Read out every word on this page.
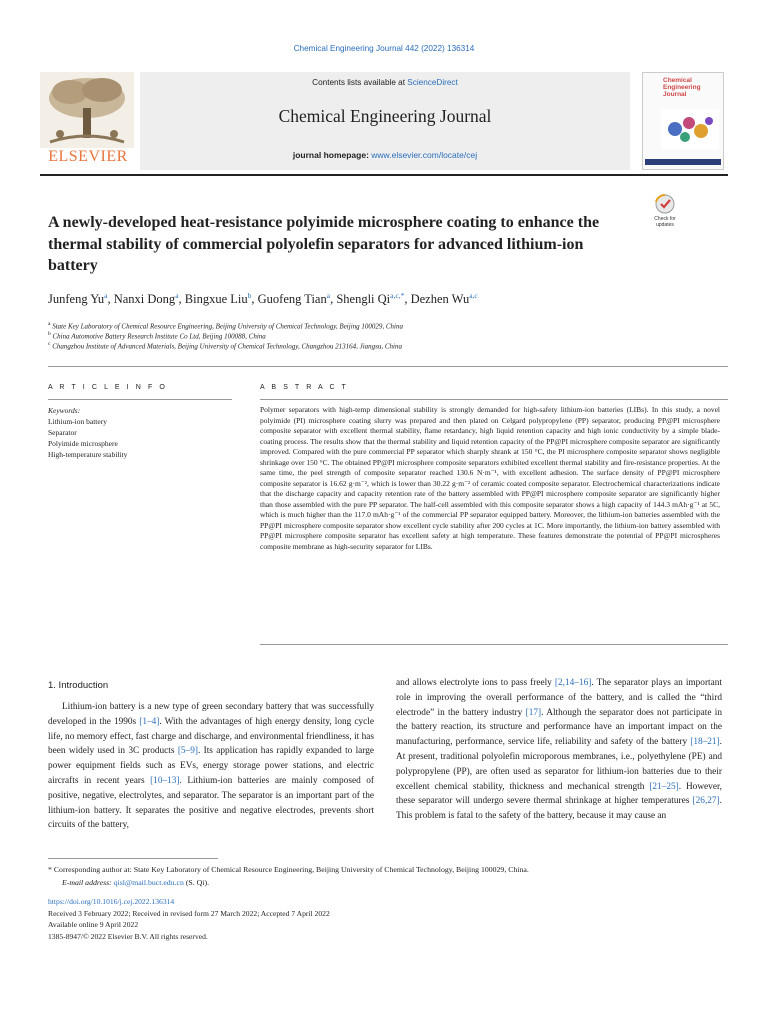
Chemical Engineering Journal 442 (2022) 136314
ELSEVIER
Contents lists available at ScienceDirect
Chemical Engineering Journal
journal homepage: www.elsevier.com/locate/cej
Chemical Engineering Journal
A newly-developed heat-resistance polyimide microsphere coating to enhance the thermal stability of commercial polyolefin separators for advanced lithium-ion battery
Check for
updates
Junfeng Yu$^a$, Nanxi Dong$^a$, Bingxue Liu$^b$, Guofeng Tian$^a$, Shengli $Qi^{a,c,*}$, Dezhen Wu$^{a,c}$
$^a$ State Key Laboratory of Chemical Resource Engineering, Beijing University of Chemical Technology, Beijing 100029, China
$^b$ China Automotive Battery Research Institute Co Ltd, Beijing 100088, China
$^c$ Changzhou Institute of Advanced Materials, Beijing University of Chemical Technology, Changzhou 213164, Jiangsu, China
A R T I C L E I N F O
Keywords:
Lithium-ion battery
Separator
Polyimide microsphere
High-temperature stability
A B S T R A C T
Polymer separators with high-temp dimensional stability is strongly demanded for high-safety lithium-ion batteries (LIBs). In this study, a novel polyimide (PI) microsphere coating slurry was prepared and then plated on Celgard polypropylene (PP) separator, producing PP@PI microsphere composite separator with excellent thermal stability, flame retardancy, high liquid retention capacity and high ionic conductivity by a simple blade-coating process. The results show that the thermal stability and liquid retention capacity of the PP@PI microsphere composite separator are significantly improved. Compared with the pure commercial PP separator which sharply shrank at 150 °C, the PI microsphere composite separator shows negligible shrinkage over 150 °C. The obtained PP@PI microsphere composite separators exhibited excellent thermal stability and fire-resistance properties. At the same time, the peel strength of composite separator reached 130.6 N·m⁻¹, with excellent adhesion. The surface density of PP@PI microsphere composite separator is 16.62 g·m⁻², which is lower than 30.22 g·m⁻² of ceramic coated composite separator. Electrochemical characterizations indicate that the discharge capacity and capacity retention rate of the battery assembled with PP@PI microsphere composite separator are significantly higher than those assembled with the pure PP separator. The half-cell assembled with this composite separator shows a high capacity of 144.3 mAh·g⁻¹ at 5C, which is much higher than the 117.0 mAh·g⁻¹ of the commercial PP separator equipped battery. Moreover, the lithium-ion batteries assembled with the PP@PI microsphere composite separator show excellent cycle stability after 200 cycles at 1C. More importantly, the lithium-ion battery assembled with PP@PI microsphere composite separator has excellent safety at high temperature. These features demonstrate the potential of PP@PI microspheres composite membrane as high-security separator for LIBs.
1. Introduction
Lithium-ion battery is a new type of green secondary battery that was successfully developed in the 1990s [1–4]. With the advantages of high energy density, long cycle life, no memory effect, fast charge and discharge, and environmental friendliness, it has been widely used in 3C products [5–9]. Its application has rapidly expanded to large power equipment fields such as EVs, energy storage power stations, and electric aircrafts in recent years [10–13]. Lithium-ion batteries are mainly composed of positive, negative, electrolytes, and separator. The separator is an important part of the lithium-ion battery. It separates the positive and negative electrodes, prevents short circuits of the battery,
and allows electrolyte ions to pass freely [2,14–16]. The separator plays an important role in improving the overall performance of the battery, and is called the “third electrode” in the battery industry [17]. Although the separator does not participate in the battery reaction, its structure and performance have an important impact on the manufacturing, performance, service life, reliability and safety of the battery [18–21]. At present, traditional polyolefin microporous membranes, i.e., polyethylene (PE) and polypropylene (PP), are often used as separator for lithium-ion batteries due to their excellent chemical stability, thickness and mechanical strength [21–25]. However, these separator will undergo severe thermal shrinkage at higher temperatures [26,27]. This problem is fatal to the safety of the battery, because it may cause an
* Corresponding author at: State Key Laboratory of Chemical Resource Engineering, Beijing University of Chemical Technology, Beijing 100029, China.
E-mail address: qisl@mail.buct.edu.cn (S. Qi).
https://doi.org/10.1016/j.cej.2022.136314
Received 3 February 2022; Received in revised form 27 March 2022; Accepted 7 April 2022
Available online 9 April 2022
1385-8947/© 2022 Elsevier B.V. All rights reserved.
